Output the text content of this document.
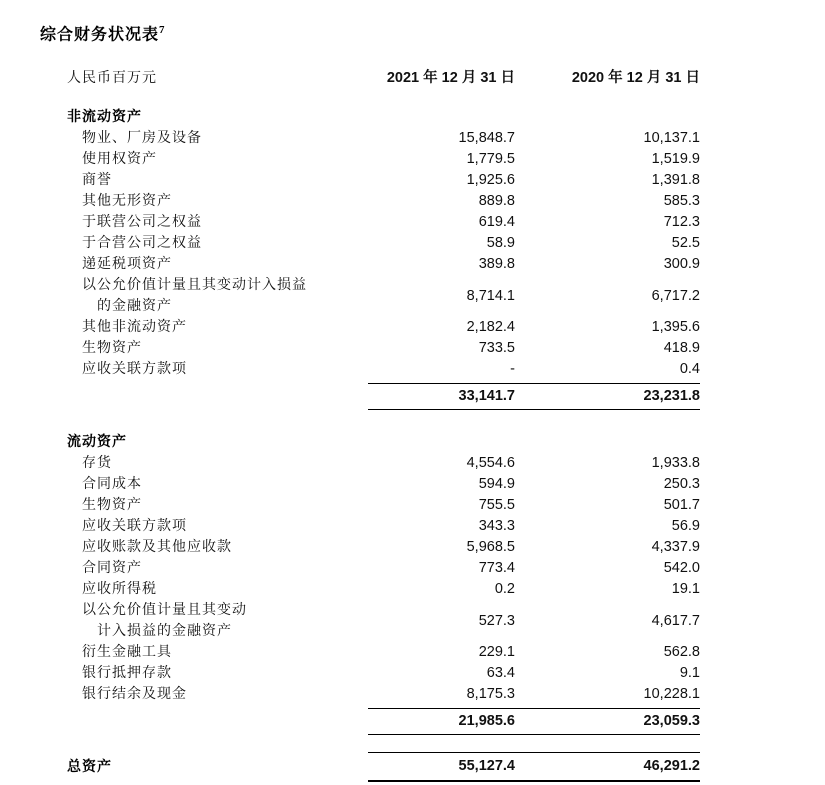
综合财务状况表$^7$
人民币百万元	2021 年 12 月 31 日	2020 年 12 月 31 日
非流动资产
物业、厂房及设备	15,848.7	10,137.1
使用权资产	1,779.5	1,519.9
商誉	1,925.6	1,391.8
其他无形资产	889.8	585.3
于联营公司之权益	619.4	712.3
于合营公司之权益	58.9	52.5
递延税项资产	389.8	300.9
以公允价值计量且其变动计入损益
的金融资产
8,714.1	6,717.2
其他非流动资产	2,182.4	1,395.6
生物资产	733.5	418.9
应收关联方款项	-	0.4
33,141.7	23,231.8
流动资产
存货	4,554.6	1,933.8
合同成本	594.9	250.3
生物资产	755.5	501.7
应收关联方款项	343.3	56.9
应收账款及其他应收款	5,968.5	4,337.9
合同资产	773.4	542.0
应收所得税	0.2	19.1
以公允价值计量且其变动
计入损益的金融资产
527.3	4,617.7
衍生金融工具	229.1	562.8
银行抵押存款	63.4	9.1
银行结余及现金	8,175.3	10,228.1
21,985.6	23,059.3
总资产	55,127.4	46,291.2
